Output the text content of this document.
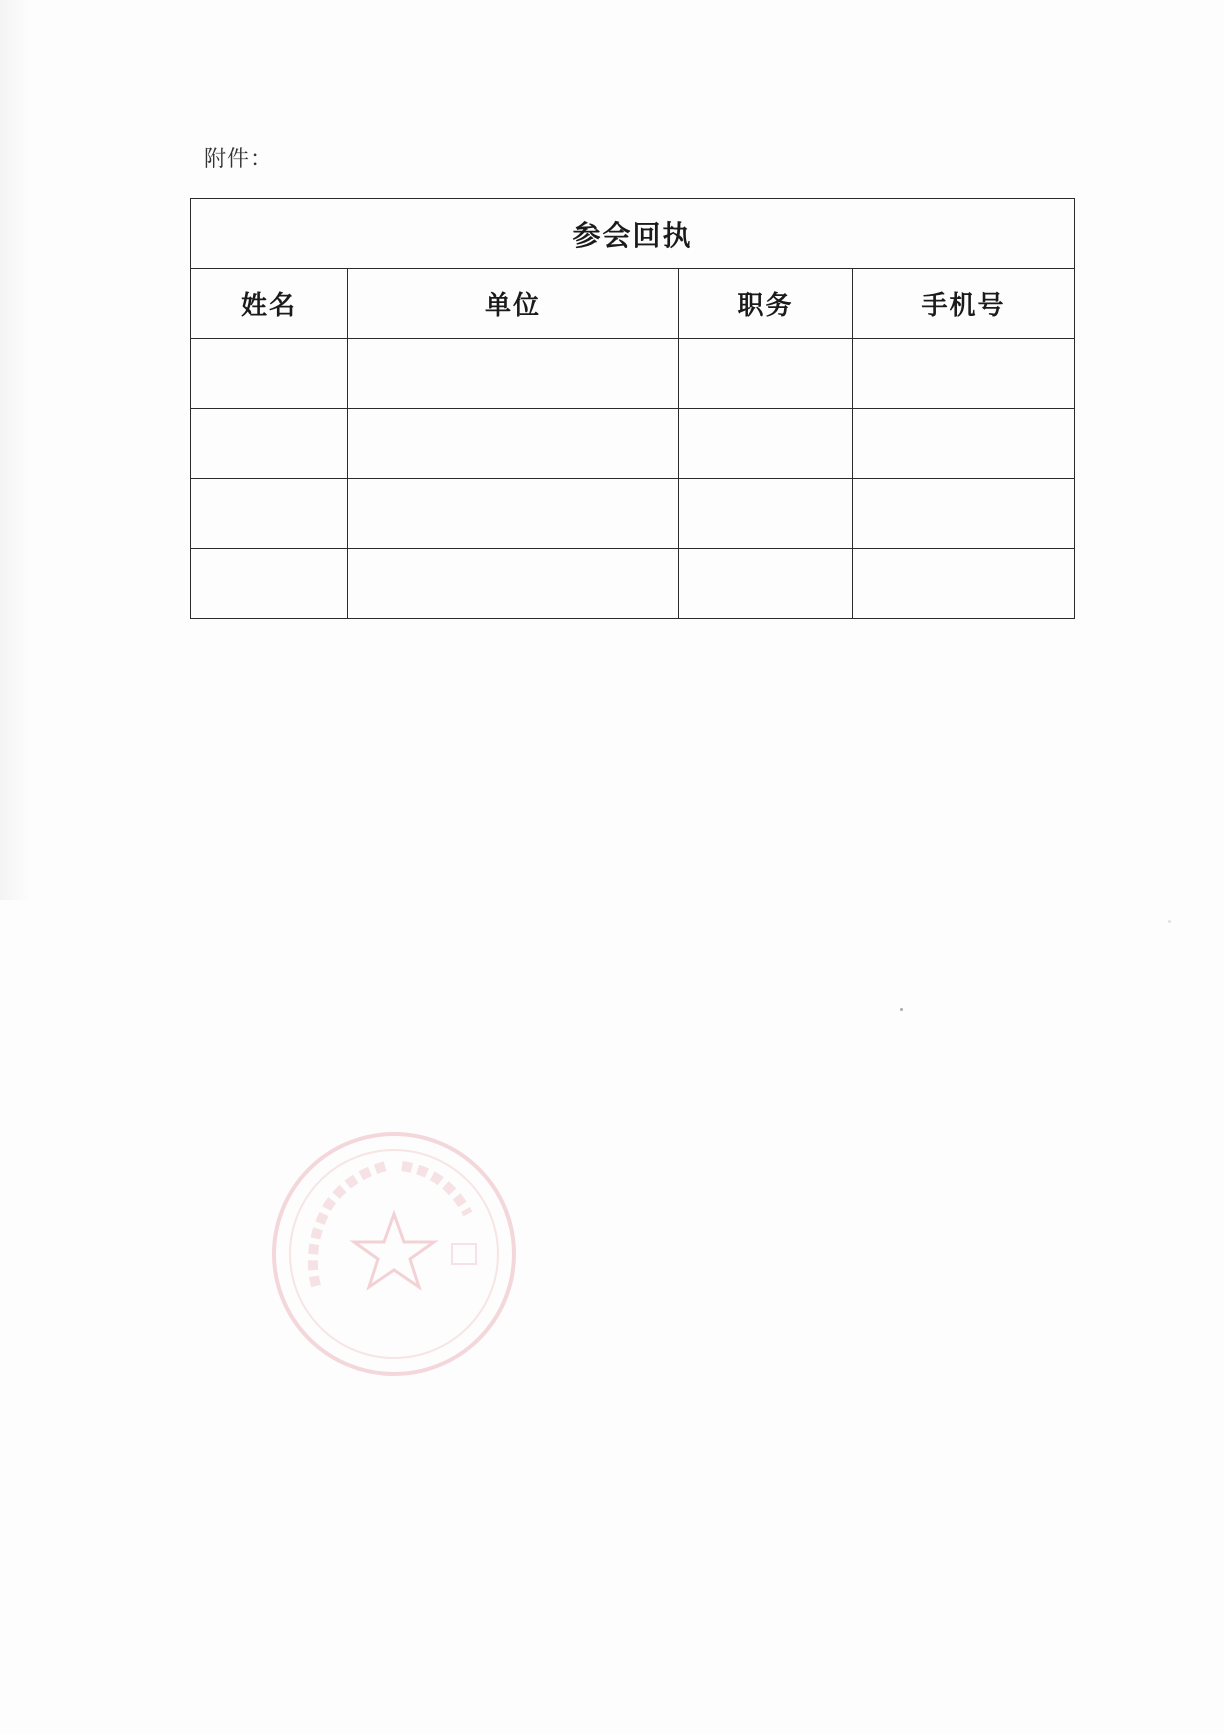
附件：
参会回执			
姓名	单位	职务	手机号
